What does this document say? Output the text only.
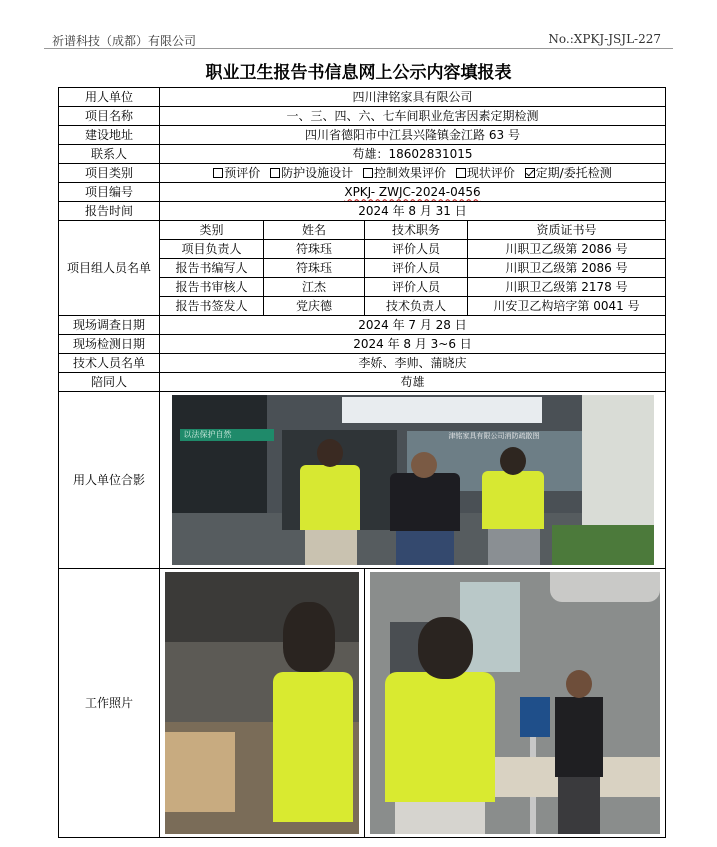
祈谱科技（成都）有限公司	No.:XPKJ-JSJL-227
职业卫生报告书信息网上公示内容填报表
用人单位	四川津铭家具有限公司			
项目名称	一、三、四、六、七车间职业危害因素定期检测			
建设地址	四川省德阳市中江县兴隆镇金江路 63 号			
联系人	苟雄：18602831015			
项目类别	预评价 防护设施设计 控制效果评价 现状评价 定期/委托检测			
项目编号	XPKJ- ZWJC-2024-0456			
报告时间	2024 年 8 月 31 日			
项目组人员名单	类别	姓名	技术职务	资质证书号
	项目负责人	符珠珏	评价人员	川职卫乙级第 2086 号
	报告书编写人	符珠珏	评价人员	川职卫乙级第 2086 号
	报告书审核人	江杰	评价人员	川职卫乙级第 2178 号
	报告书签发人	党庆德	技术负责人	川安卫乙构培字第 0041 号
现场调查日期	2024 年 7 月 28 日			
现场检测日期	2024 年 8 月 3~6 日			
技术人员名单	李娇、李帅、蒲晓庆			
陪同人	苟雄			
用人单位合影	以法保护自然 津铭家具有限公司消防疏散图			

工作照片			
